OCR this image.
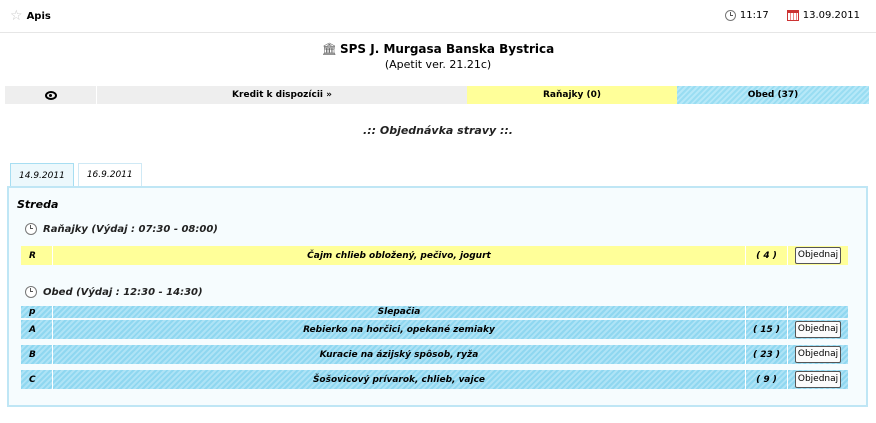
☆ Apis	11:17	13.09.2011
🏛 SPS J. Murgasa Banska Bystrica
(Apetit ver. 21.21c)
Kredit k dispozícii »	Raňajky (0)	Obed (37)
.:: Objednávka stravy ::.
14.9.2011	16.9.2011
Streda
Raňajky (Výdaj : 07:30 - 08:00)
R	Čajm chlieb obložený, pečivo, jogurt	( 4 )	Objednaj
Obed (Výdaj : 12:30 - 14:30)
p	Slepačia
A	Rebierko na horčici, opekané zemiaky	( 15 )	Objednaj
B	Kuracie na ázijský spôsob, ryža	( 23 )	Objednaj
C	Šošovicový prívarok, chlieb, vajce	( 9 )	Objednaj
